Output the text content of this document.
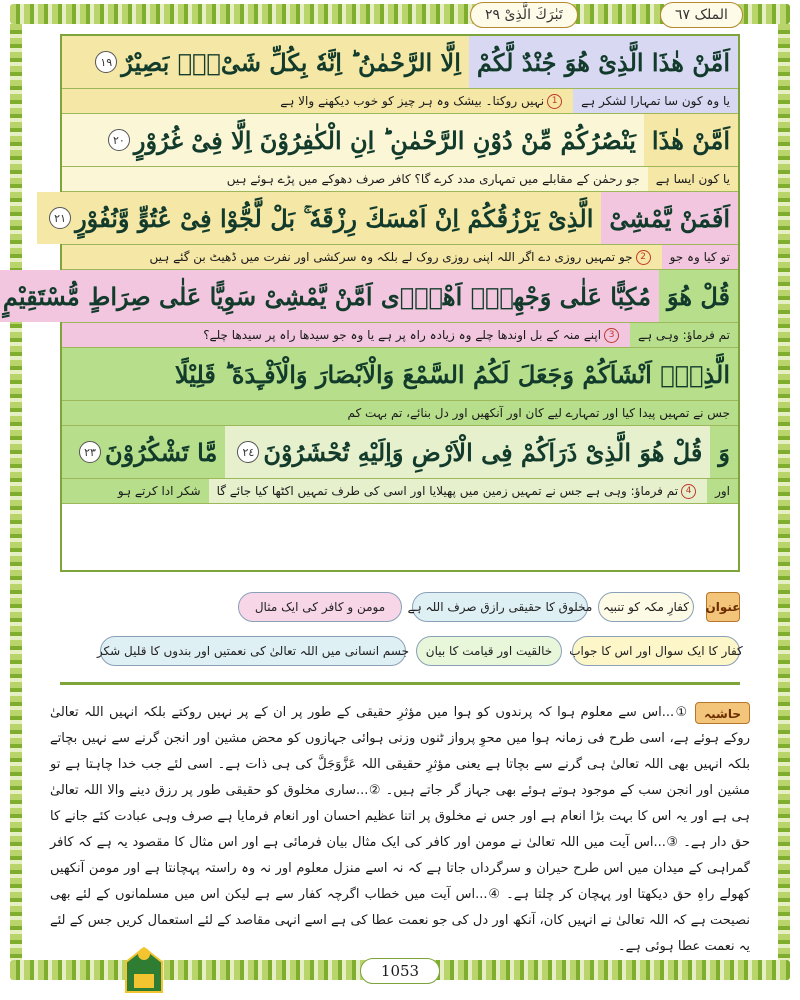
تَبٰرَكَ الَّذِیْ ۲۹	الملک ٦٧
اَمَّنْ هٰذَا الَّذِیْ هُوَ جُنْدٌ لَّكُمْ
اِلَّا الرَّحْمٰنُ ؕ اِنَّهٗ بِكُلِّ شَیْءٍۭ بَصِیْرٌ
١٩
یا وہ کون سا تمہارا لشکر ہے
1
نہیں روکتا۔ بیشک وہ ہر چیز کو خوب دیکھنے والا ہے
اَمَّنْ هٰذَا
یَنْصُرُكُمْ مِّنْ دُوْنِ الرَّحْمٰنِ ؕ اِنِ الْكٰفِرُوْنَ اِلَّا فِیْ غُرُوْرٍ
٢٠
یا کون ایسا ہے
جو رحمٰن کے مقابلے میں تمہاری مدد کرے گا؟ کافر صرف دھوکے میں پڑے ہوئے ہیں
اَفَمَنْ یَّمْشِیْ
الَّذِیْ یَرْزُقُكُمْ اِنْ اَمْسَكَ رِزْقَهٗ ۚ بَلْ لَّجُّوْا فِیْ عُتُوٍّ وَّنُفُوْرٍ
٢١
تو کیا وہ جو
2
جو تمہیں روزی دے اگر اللہ اپنی روزی روک لے بلکہ وہ سرکشی اور نفرت میں ڈھیٹ بن گئے ہیں
قُلْ هُوَ
مُكِبًّا عَلٰی وَجْهِهٖۤ اَهْدٰۤی اَمَّنْ یَّمْشِیْ سَوِیًّا عَلٰی صِرَاطٍ مُّسْتَقِیْمٍ
تم فرماؤ: وہی ہے
3
اپنے منہ کے بل اوندھا چلے وہ زیادہ راہ پر ہے یا وہ جو سیدھا راہ پر سیدھا چلے؟
الَّذِیْۤ اَنْشَاَكُمْ وَجَعَلَ لَكُمُ السَّمْعَ وَالْاَبْصَارَ وَالْاَفْـِٕدَةَ ؕ قَلِیْلًا
جس نے تمہیں پیدا کیا اور تمہارے لیے کان اور آنکھیں اور دل بنائے، تم بہت کم
وَ
قُلْ هُوَ الَّذِیْ ذَرَاَكُمْ فِی الْاَرْضِ وَاِلَیْهِ تُحْشَرُوْنَ
٢٤
مَّا تَشْكُرُوْنَ
٢٣
اور
4
تم فرماؤ: وہی ہے جس نے تمہیں زمین میں پھیلایا اور اسی کی طرف تمہیں اکٹھا کیا جائے گا
شکر ادا کرتے ہو
عنوان
کفارِ مکہ کو تنبیہ
مخلوق کا حقیقی رازق صرف اللہ ہے
مومن و کافر کی ایک مثال
کفار کا ایک سوال اور اس کا جواب
خالقیت اور قیامت کا بیان
جسم انسانی میں اللہ تعالیٰ کی نعمتیں اور بندوں کا قلیل شکر
حاشیہ
①...اس سے معلوم ہوا کہ پرندوں کو ہوا میں مؤثرِ حقیقی کے طور پر ان کے پر نہیں روکتے بلکہ انہیں اللہ تعالیٰ روکے ہوئے ہے، اسی طرح فی زمانہ ہوا میں محوِ پرواز ٹنوں وزنی ہوائی جہازوں کو محض مشین اور انجن گرنے سے نہیں بچاتے بلکہ انہیں بھی اللہ تعالیٰ ہی گرنے سے بچاتا ہے یعنی مؤثرِ حقیقی اللہ عَزَّوَجَلَّ کی ہی ذات ہے۔ اسی لئے جب خدا چاہتا ہے تو مشین اور انجن سب کے موجود ہوتے ہوئے بھی جہاز گر جاتے ہیں۔ ②...ساری مخلوق کو حقیقی طور پر رزق دینے والا اللہ تعالیٰ ہی ہے اور یہ اس کا بہت بڑا انعام ہے اور جس نے مخلوق پر اتنا عظیم احسان اور انعام فرمایا ہے صرف وہی عبادت کئے جانے کا حق دار ہے۔ ③...اس آیت میں اللہ تعالیٰ نے مومن اور کافر کی ایک مثال بیان فرمائی ہے اور اس مثال کا مقصود یہ ہے کہ کافر گمراہی کے میدان میں اس طرح حیران و سرگرداں جاتا ہے کہ نہ اسے منزل معلوم اور نہ وہ راستہ پہچانتا ہے اور مومن آنکھیں کھولے راہِ حق دیکھتا اور پہچان کر چلتا ہے۔ ④...اس آیت میں خطاب اگرچہ کفار سے ہے لیکن اس میں مسلمانوں کے لئے بھی نصیحت ہے کہ اللہ تعالیٰ نے انہیں کان، آنکھ اور دل کی جو نعمت عطا کی ہے اسے انہی مقاصد کے لئے استعمال کریں جس کے لئے یہ نعمت عطا ہوئی ہے۔
1053
